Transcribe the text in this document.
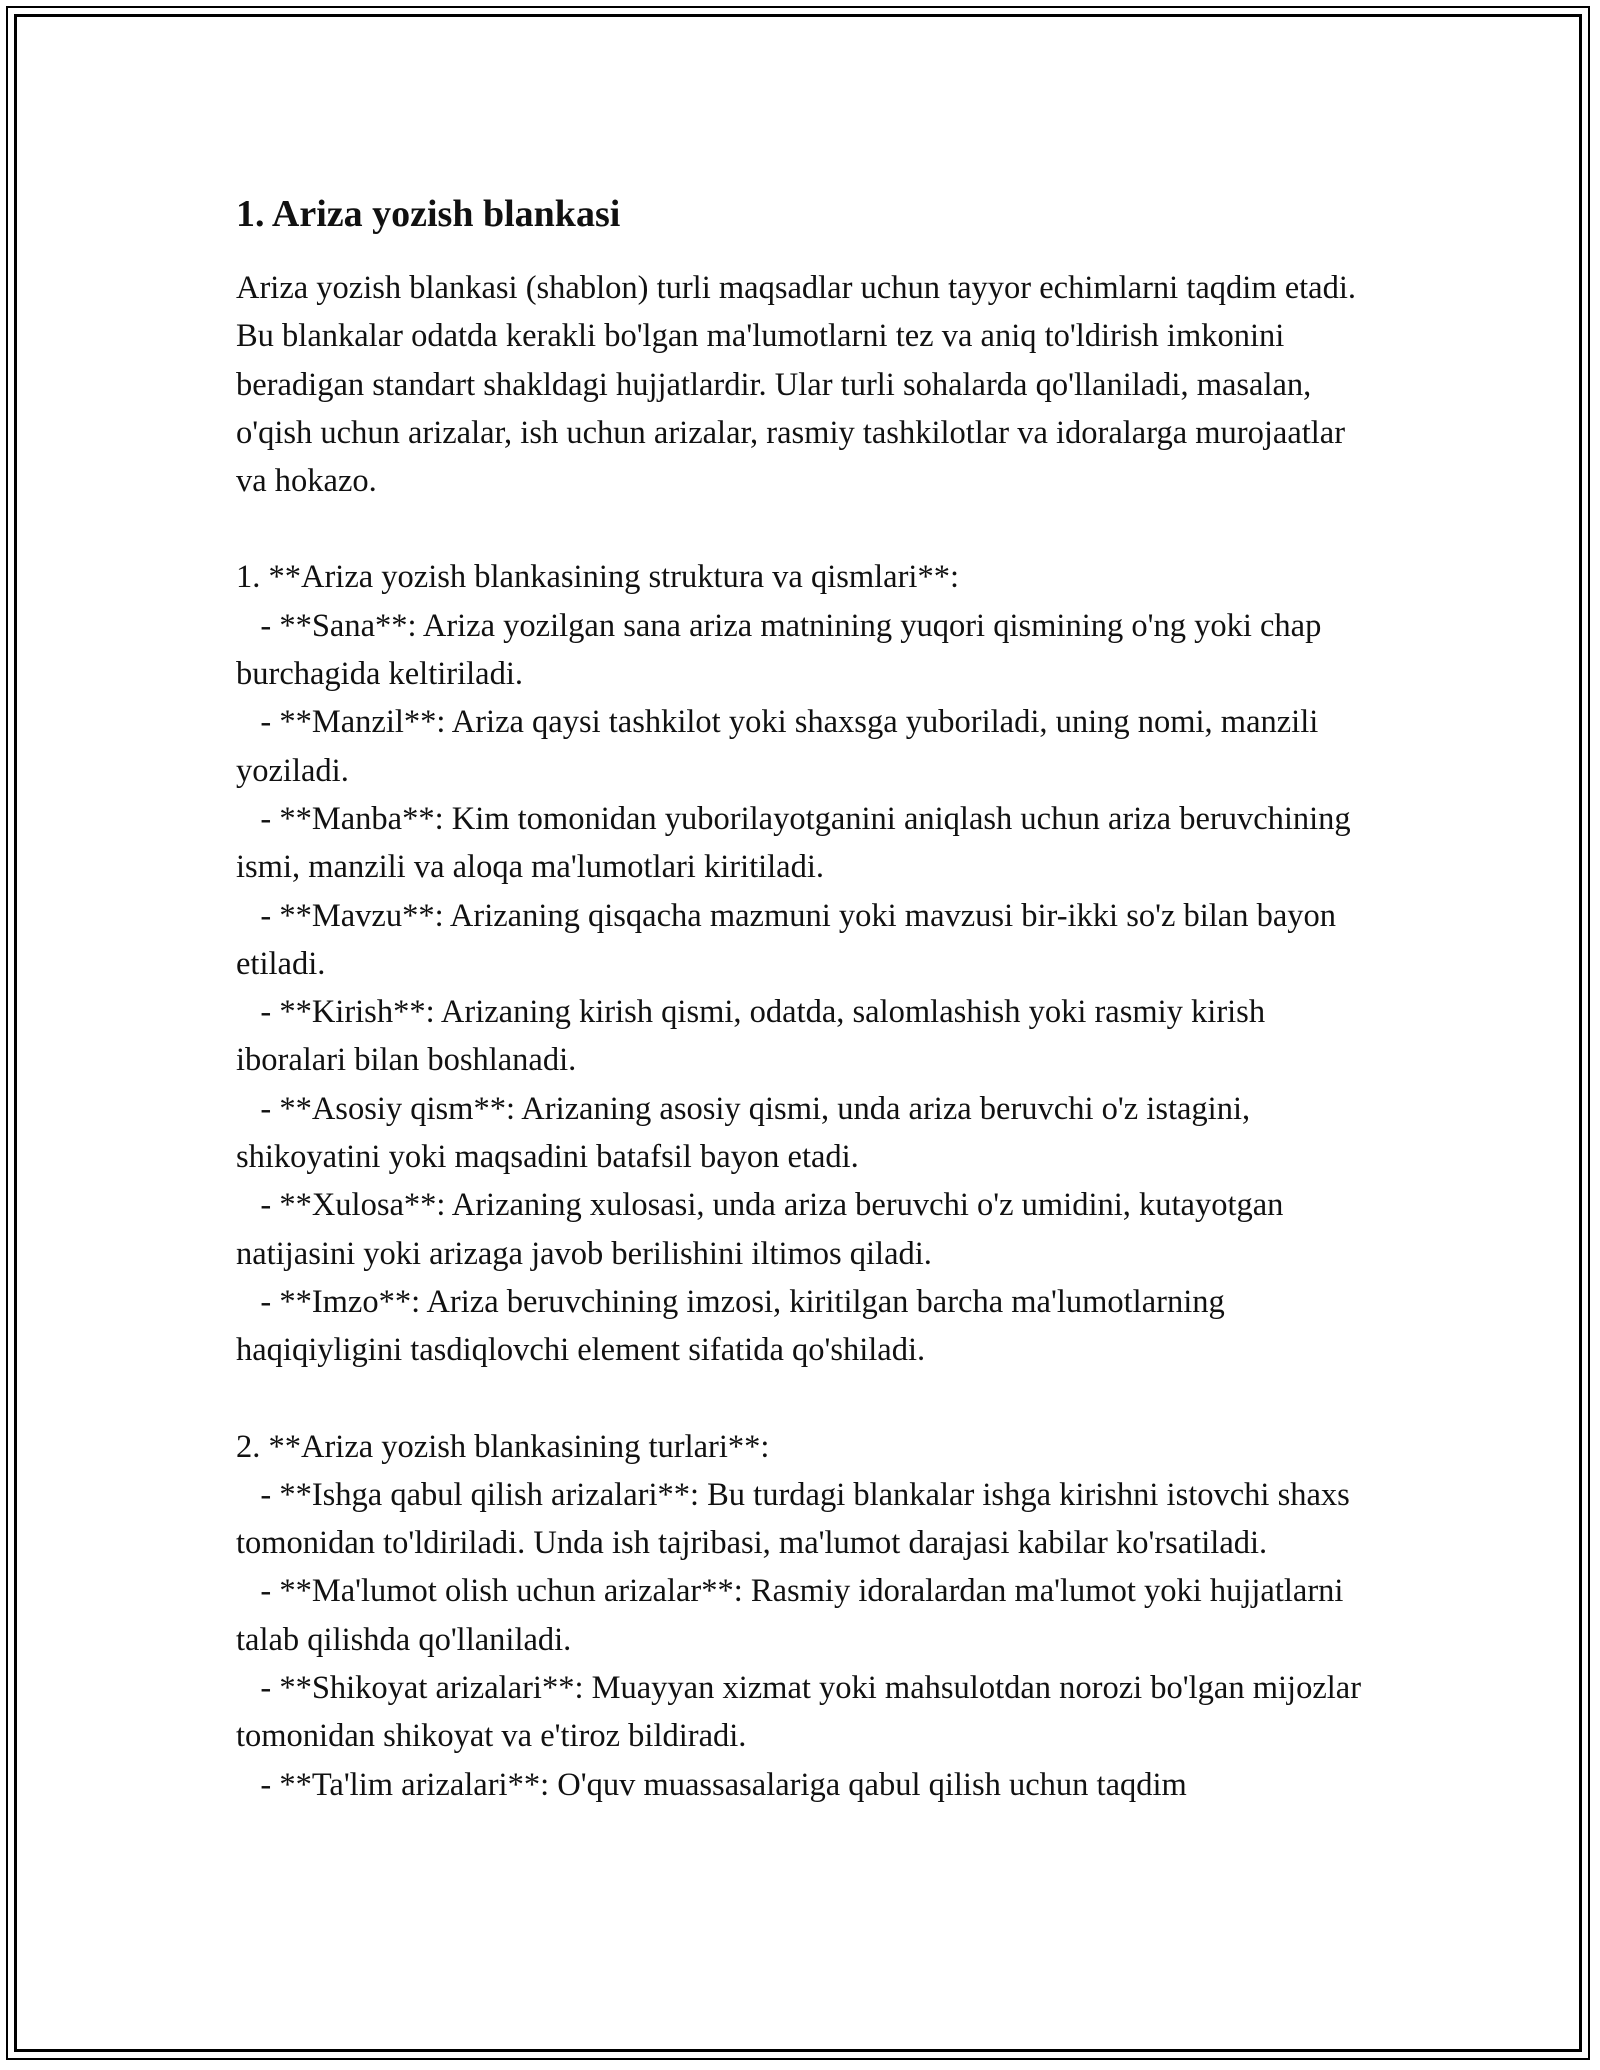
1. Ariza yozish blankasi

Ariza yozish blankasi (shablon) turli maqsadlar uchun tayyor echimlarni taqdim etadi. Bu blankalar odatda kerakli bo'lgan ma'lumotlarni tez va aniq to'ldirish imkonini beradigan standart shakldagi hujjatlardir. Ular turli sohalarda qo'llaniladi, masalan, o'qish uchun arizalar, ish uchun arizalar, rasmiy tashkilotlar va idoralarga murojaatlar va hokazo.

1. **Ariza yozish blankasining struktura va qismlari**:

- **Sana**: Ariza yozilgan sana ariza matnining yuqori qismining o'ng yoki chap burchagida keltiriladi.

- **Manzil**: Ariza qaysi tashkilot yoki shaxsga yuboriladi, uning nomi, manzili yoziladi.

- **Manba**: Kim tomonidan yuborilayotganini aniqlash uchun ariza beruvchining ismi, manzili va aloqa ma'lumotlari kiritiladi.

- **Mavzu**: Arizaning qisqacha mazmuni yoki mavzusi bir-ikki so'z bilan bayon etiladi.

- **Kirish**: Arizaning kirish qismi, odatda, salomlashish yoki rasmiy kirish iboralari bilan boshlanadi.

- **Asosiy qism**: Arizaning asosiy qismi, unda ariza beruvchi o'z istagini, shikoyatini yoki maqsadini batafsil bayon etadi.

- **Xulosa**: Arizaning xulosasi, unda ariza beruvchi o'z umidini, kutayotgan natijasini yoki arizaga javob berilishini iltimos qiladi.

- **Imzo**: Ariza beruvchining imzosi, kiritilgan barcha ma'lumotlarning haqiqiyligini tasdiqlovchi element sifatida qo'shiladi.

2. **Ariza yozish blankasining turlari**:

- **Ishga qabul qilish arizalari**: Bu turdagi blankalar ishga kirishni istovchi shaxs tomonidan to'ldiriladi. Unda ish tajribasi, ma'lumot darajasi kabilar ko'rsatiladi.

- **Ma'lumot olish uchun arizalar**: Rasmiy idoralardan ma'lumot yoki hujjatlarni talab qilishda qo'llaniladi.

- **Shikoyat arizalari**: Muayyan xizmat yoki mahsulotdan norozi bo'lgan mijozlar tomonidan shikoyat va e'tiroz bildiradi.

- **Ta'lim arizalari**: O'quv muassasalariga qabul qilish uchun taqdim
